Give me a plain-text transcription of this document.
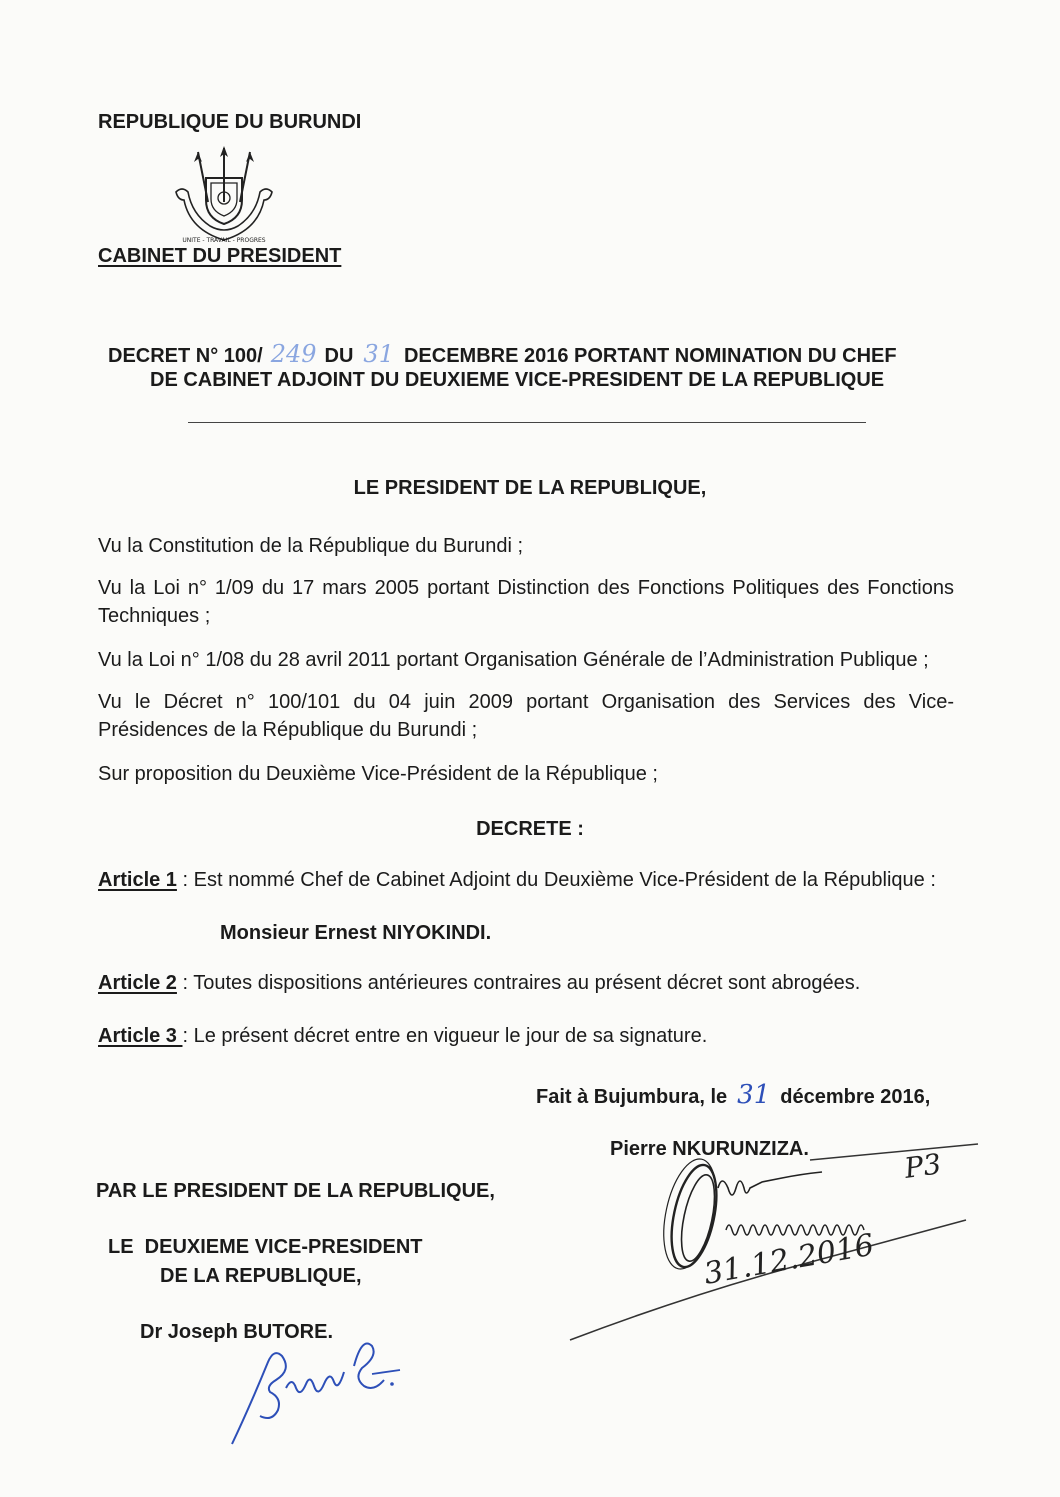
REPUBLIQUE DU BURUNDI
UNITE - TRAVAIL - PROGRES
CABINET DU PRESIDENT
DECRET N° 100/ 249 DU 31 DECEMBRE 2016 PORTANT NOMINATION DU CHEF
DE CABINET ADJOINT DU DEUXIEME VICE-PRESIDENT DE LA REPUBLIQUE
LE PRESIDENT DE LA REPUBLIQUE,
Vu la Constitution de la République du Burundi ;
Vu la Loi n° 1/09 du 17 mars 2005 portant Distinction des Fonctions Politiques des Fonctions Techniques ;
Vu la Loi n° 1/08 du 28 avril 2011 portant Organisation Générale de l’Administration Publique ;
Vu le Décret n° 100/101 du 04 juin 2009 portant Organisation des Services des Vice-Présidences de la République du Burundi ;
Sur proposition du Deuxième Vice-Président de la République ;
DECRETE :
Article 1 : Est nommé Chef de Cabinet Adjoint du Deuxième Vice-Président de la République :
Monsieur Ernest NIYOKINDI.
Article 2 : Toutes dispositions antérieures contraires au présent décret sont abrogées.
Article 3 : Le présent décret entre en vigueur le jour de sa signature.
Fait à Bujumbura, le 31 décembre 2016,
Pierre NKURUNZIZA.	P3
31.12.2016
PAR LE PRESIDENT DE LA REPUBLIQUE,
LE  DEUXIEME VICE-PRESIDENT
DE LA REPUBLIQUE,
Dr Joseph BUTORE.
